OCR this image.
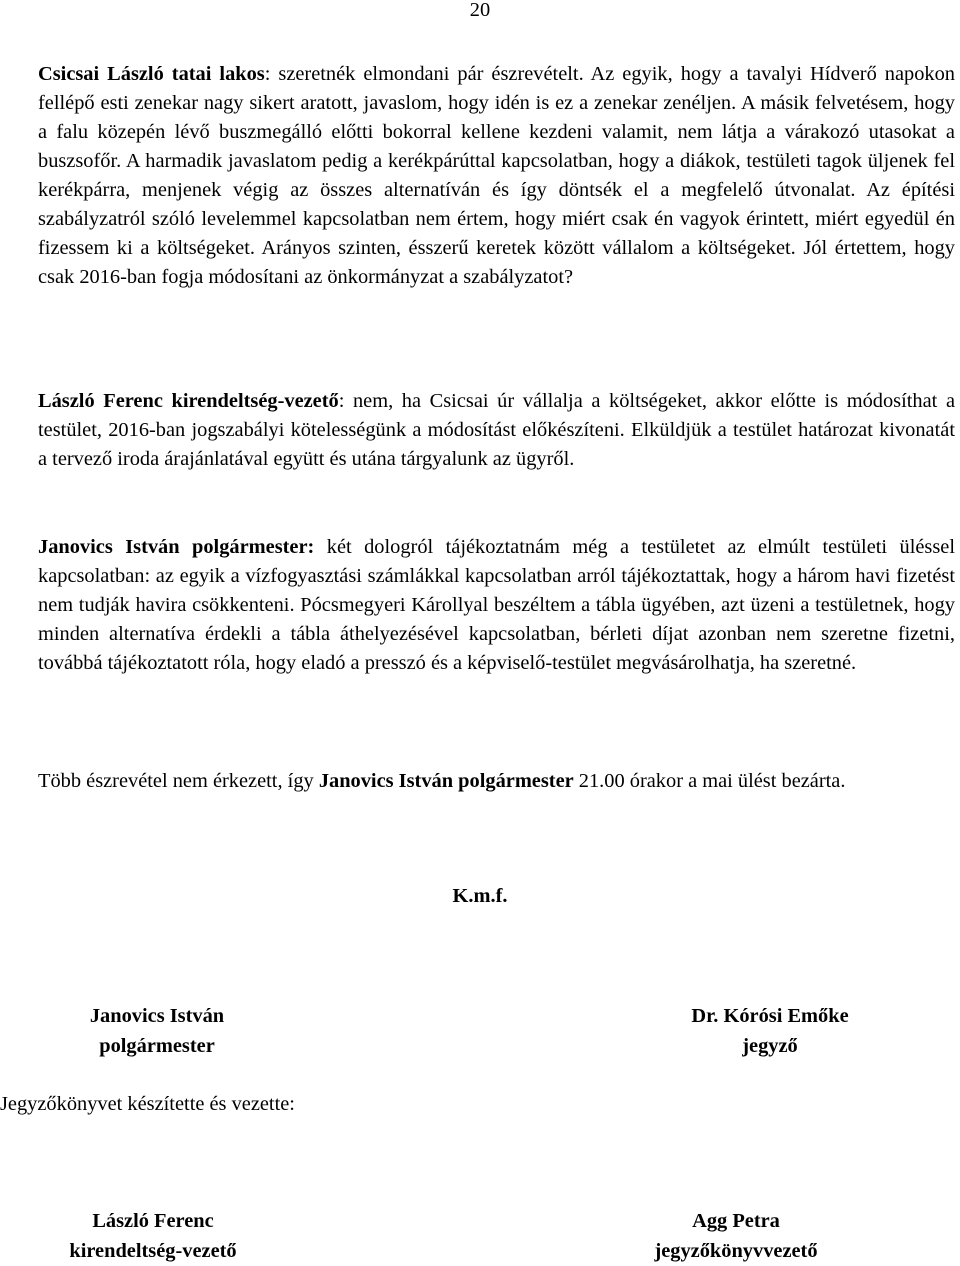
20

Csicsai László tatai lakos: szeretnék elmondani pár észrevételt. Az egyik, hogy a tavalyi Hídverő napokon fellépő esti zenekar nagy sikert aratott, javaslom, hogy idén is ez a zenekar zenéljen. A másik felvetésem, hogy a falu közepén lévő buszmegálló előtti bokorral kellene kezdeni valamit, nem látja a várakozó utasokat a buszsofőr. A harmadik javaslatom pedig a kerékpárúttal kapcsolatban, hogy a diákok, testületi tagok üljenek fel kerékpárra, menjenek végig az összes alternatíván és így döntsék el a megfelelő útvonalat. Az építési szabályzatról szóló levelemmel kapcsolatban nem értem, hogy miért csak én vagyok érintett, miért egyedül én fizessem ki a költségeket. Arányos szinten, ésszerű keretek között vállalom a költségeket. Jól értettem, hogy csak 2016-ban fogja módosítani az önkormányzat a szabályzatot?

László Ferenc kirendeltség-vezető: nem, ha Csicsai úr vállalja a költségeket, akkor előtte is módosíthat a testület, 2016-ban jogszabályi kötelességünk a módosítást előkészíteni. Elküldjük a testület határozat kivonatát a tervező iroda árajánlatával együtt és utána tárgyalunk az ügyről.

Janovics István polgármester: két dologról tájékoztatnám még a testületet az elmúlt testületi üléssel kapcsolatban: az egyik a vízfogyasztási számlákkal kapcsolatban arról tájékoztattak, hogy a három havi fizetést nem tudják havira csökkenteni. Pócsmegyeri Károllyal beszéltem a tábla ügyében, azt üzeni a testületnek, hogy minden alternatíva érdekli a tábla áthelyezésével kapcsolatban, bérleti díjat azonban nem szeretne fizetni, továbbá tájékoztatott róla, hogy eladó a presszó és a képviselő-testület megvásárolhatja, ha szeretné.

Több észrevétel nem érkezett, így Janovics István polgármester 21.00 órakor a mai ülést bezárta.

K.m.f.
Janovics István
polgármester
Dr. Kórósi Emőke
jegyző
Jegyzőkönyvet készítette és vezette:
László Ferenc
kirendeltség-vezető
Agg Petra
jegyzőkönyvvezető
